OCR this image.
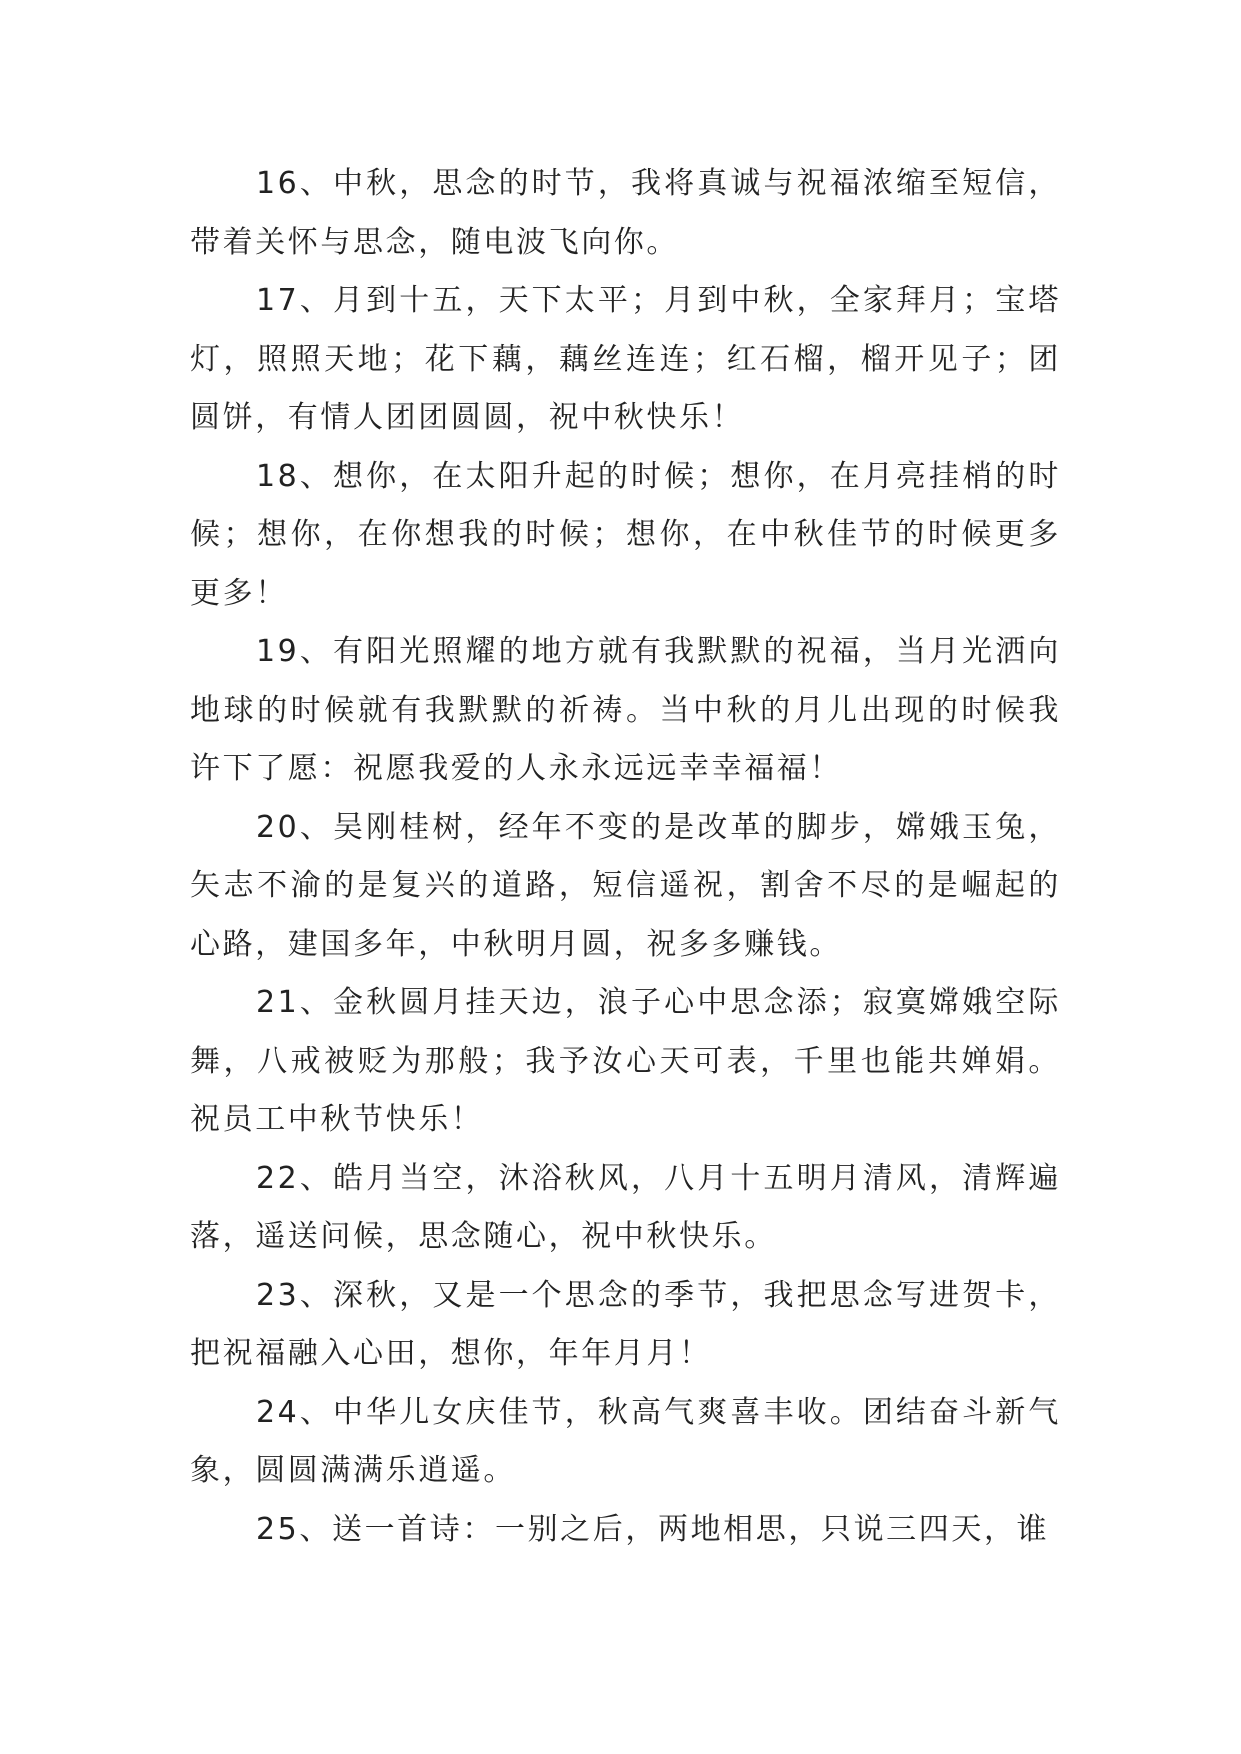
16、中秋，思念的时节，我将真诚与祝福浓缩至短信，带着关怀与思念，随电波飞向你。

17、月到十五，天下太平；月到中秋，全家拜月；宝塔灯，照照天地；花下藕，藕丝连连；红石榴，榴开见子；团圆饼，有情人团团圆圆，祝中秋快乐！

18、想你，在太阳升起的时候；想你，在月亮挂梢的时候；想你，在你想我的时候；想你，在中秋佳节的时候更多更多！

19、有阳光照耀的地方就有我默默的祝福，当月光洒向地球的时候就有我默默的祈祷。当中秋的月儿出现的时候我许下了愿：祝愿我爱的人永永远远幸幸福福！

20、吴刚桂树，经年不变的是改革的脚步，嫦娥玉兔，矢志不渝的是复兴的道路，短信遥祝，割舍不尽的是崛起的心路，建国多年，中秋明月圆，祝多多赚钱。

21、金秋圆月挂天边，浪子心中思念添；寂寞嫦娥空际舞，八戒被贬为那般；我予汝心天可表，千里也能共婵娟。祝员工中秋节快乐！

22、皓月当空，沐浴秋风，八月十五明月清风，清辉遍落，遥送问候，思念随心，祝中秋快乐。

23、深秋，又是一个思念的季节，我把思念写进贺卡，把祝福融入心田，想你，年年月月！

24、中华儿女庆佳节，秋高气爽喜丰收。团结奋斗新气象，圆圆满满乐逍遥。

25、送一首诗：一别之后，两地相思，只说三四天，谁
